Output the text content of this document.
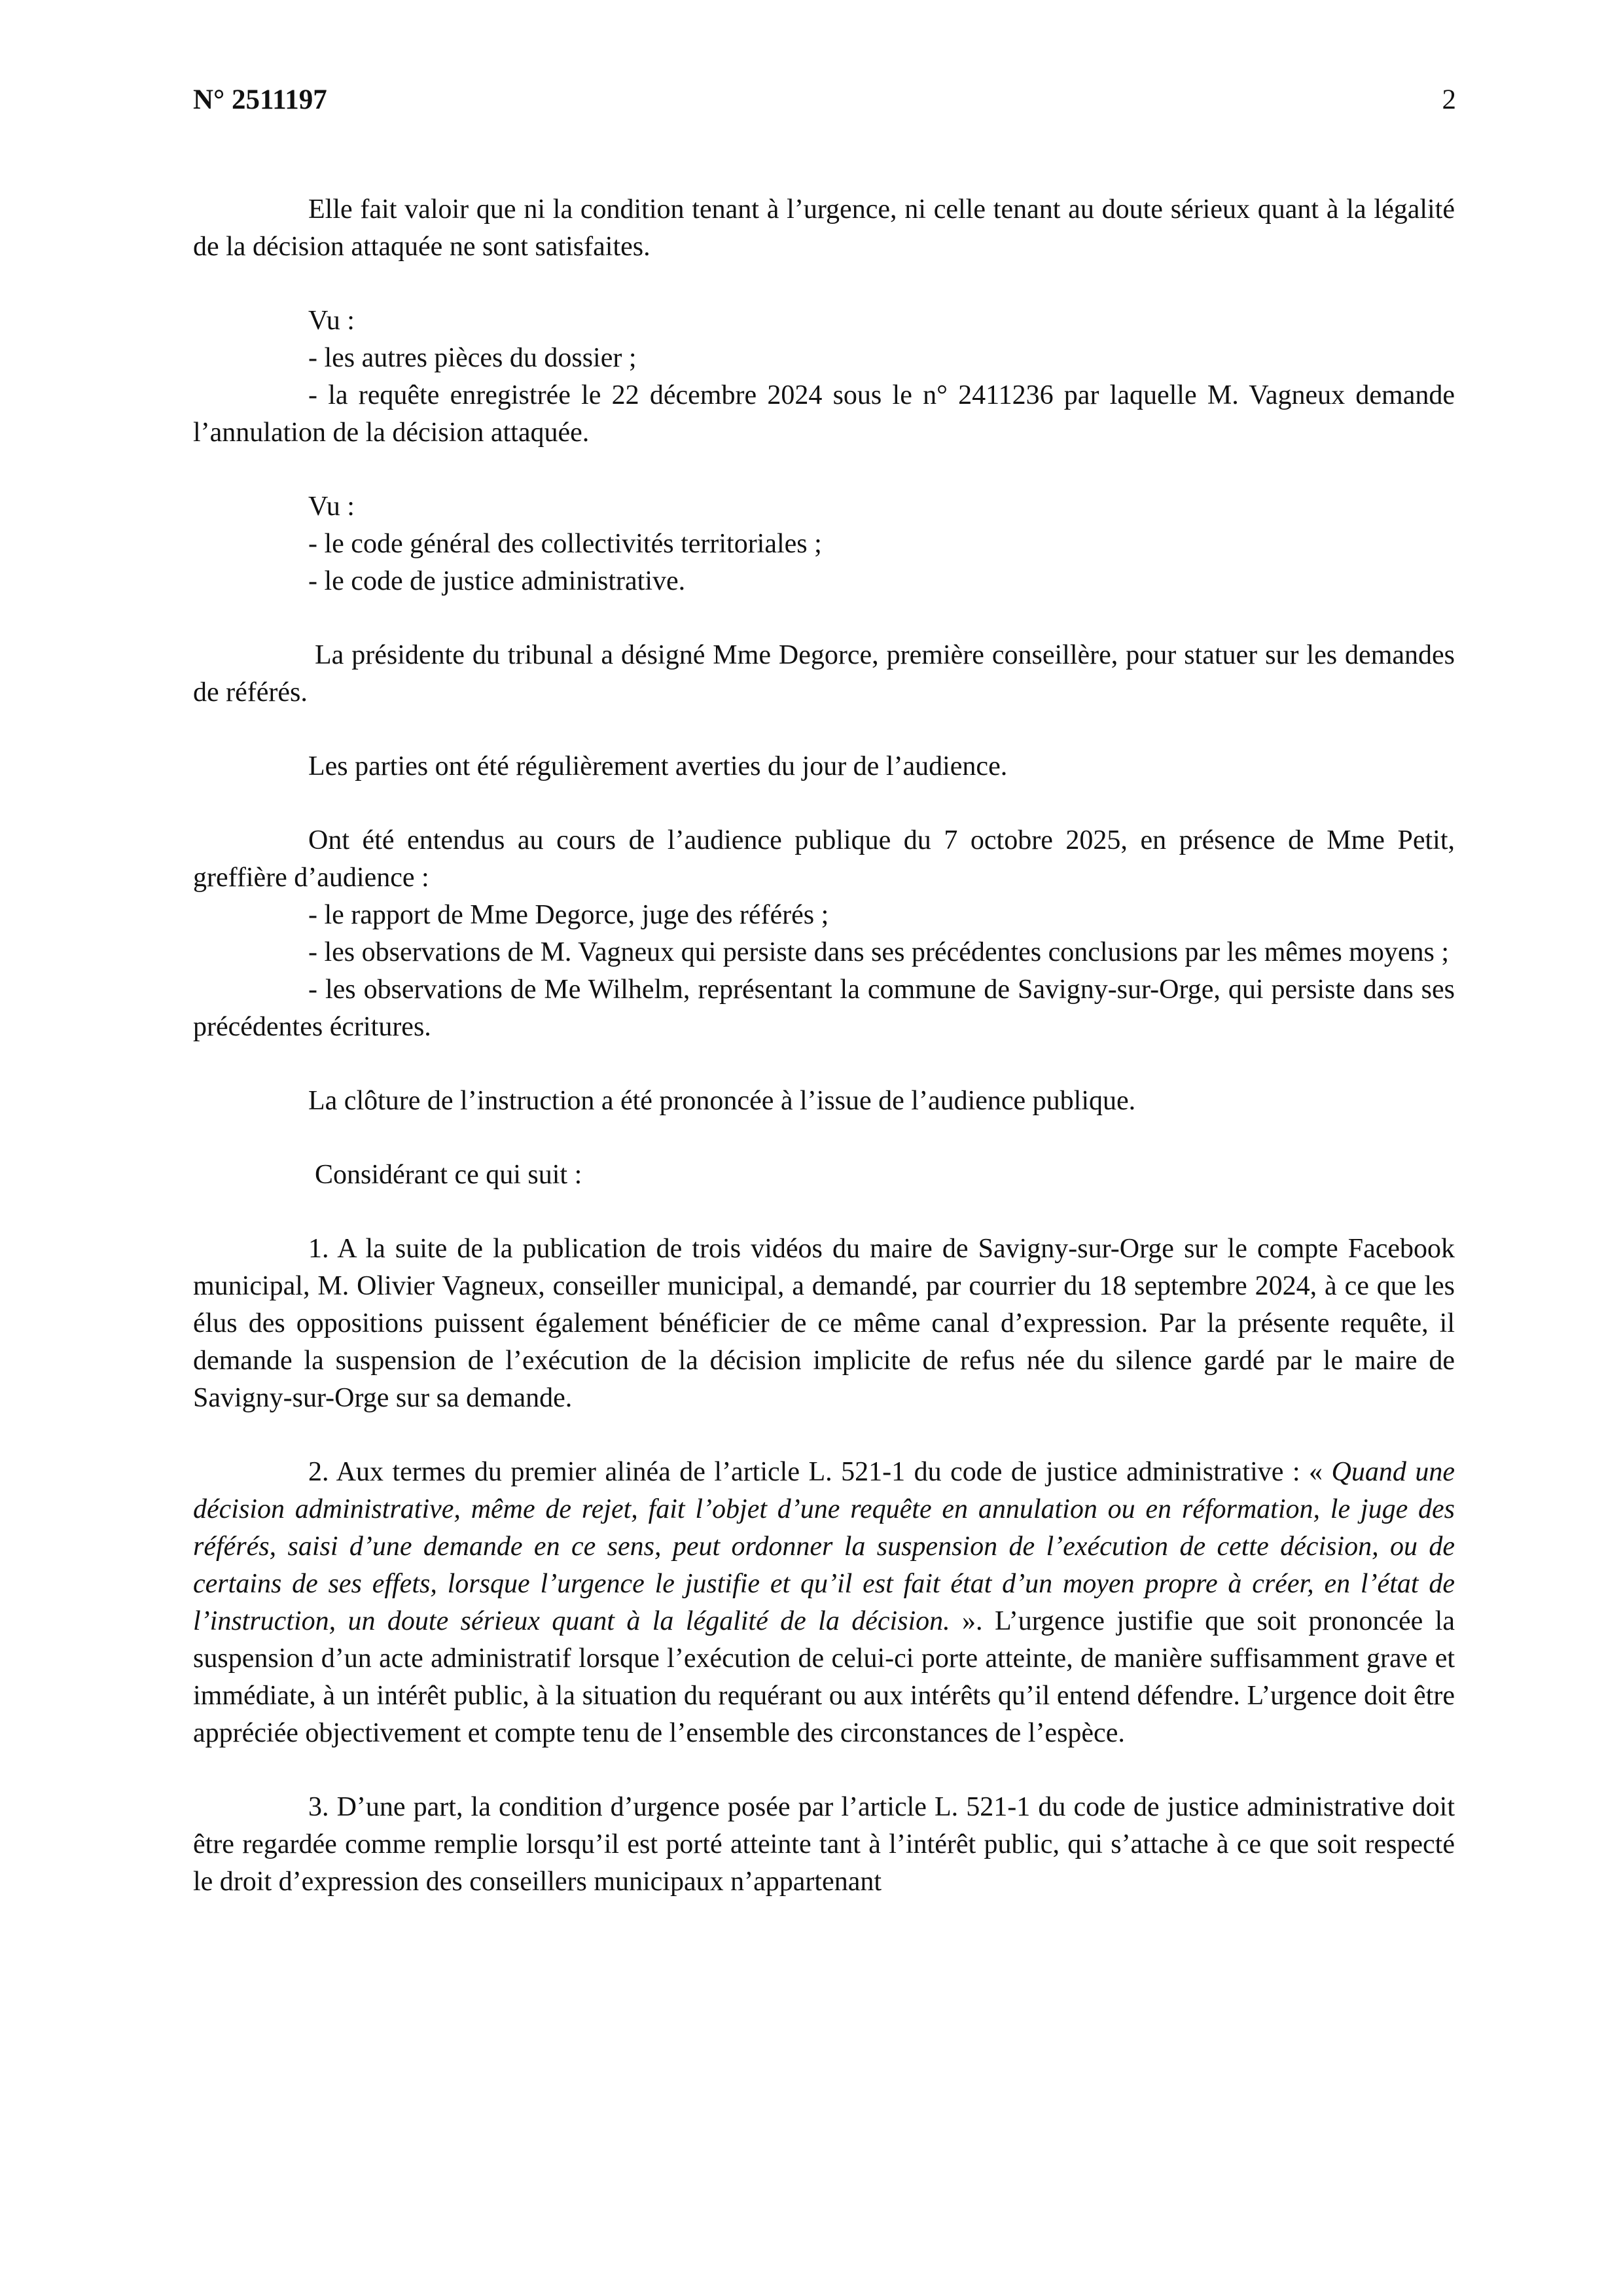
N° 2511197	2

Elle fait valoir que ni la condition tenant à l’urgence, ni celle tenant au doute sérieux quant à la légalité de la décision attaquée ne sont satisfaites.

Vu :

- les autres pièces du dossier ;

- la requête enregistrée le 22 décembre 2024 sous le n° 2411236 par laquelle M. Vagneux demande l’annulation de la décision attaquée.

Vu :

- le code général des collectivités territoriales ;

- le code de justice administrative.

La présidente du tribunal a désigné Mme Degorce, première conseillère, pour statuer sur les demandes de référés.

Les parties ont été régulièrement averties du jour de l’audience.

Ont été entendus au cours de l’audience publique du 7 octobre 2025, en présence de Mme Petit, greffière d’audience :

- le rapport de Mme Degorce, juge des référés ;

- les observations de M. Vagneux qui persiste dans ses précédentes conclusions par les mêmes moyens ;

- les observations de Me Wilhelm, représentant la commune de Savigny-sur-Orge, qui persiste dans ses précédentes écritures.

La clôture de l’instruction a été prononcée à l’issue de l’audience publique.

Considérant ce qui suit :

1. A la suite de la publication de trois vidéos du maire de Savigny-sur-Orge sur le compte Facebook municipal, M. Olivier Vagneux, conseiller municipal, a demandé, par courrier du 18 septembre 2024, à ce que les élus des oppositions puissent également bénéficier de ce même canal d’expression. Par la présente requête, il demande la suspension de l’exécution de la décision implicite de refus née du silence gardé par le maire de Savigny-sur-Orge sur sa demande.

2. Aux termes du premier alinéa de l’article L. 521-1 du code de justice administrative : « Quand une décision administrative, même de rejet, fait l’objet d’une requête en annulation ou en réformation, le juge des référés, saisi d’une demande en ce sens, peut ordonner la suspension de l’exécution de cette décision, ou de certains de ses effets, lorsque l’urgence le justifie et qu’il est fait état d’un moyen propre à créer, en l’état de l’instruction, un doute sérieux quant à la légalité de la décision. ». L’urgence justifie que soit prononcée la suspension d’un acte administratif lorsque l’exécution de celui-ci porte atteinte, de manière suffisamment grave et immédiate, à un intérêt public, à la situation du requérant ou aux intérêts qu’il entend défendre. L’urgence doit être appréciée objectivement et compte tenu de l’ensemble des circonstances de l’espèce.

3. D’une part, la condition d’urgence posée par l’article L. 521-1 du code de justice administrative doit être regardée comme remplie lorsqu’il est porté atteinte tant à l’intérêt public, qui s’attache à ce que soit respecté le droit d’expression des conseillers municipaux n’appartenant
